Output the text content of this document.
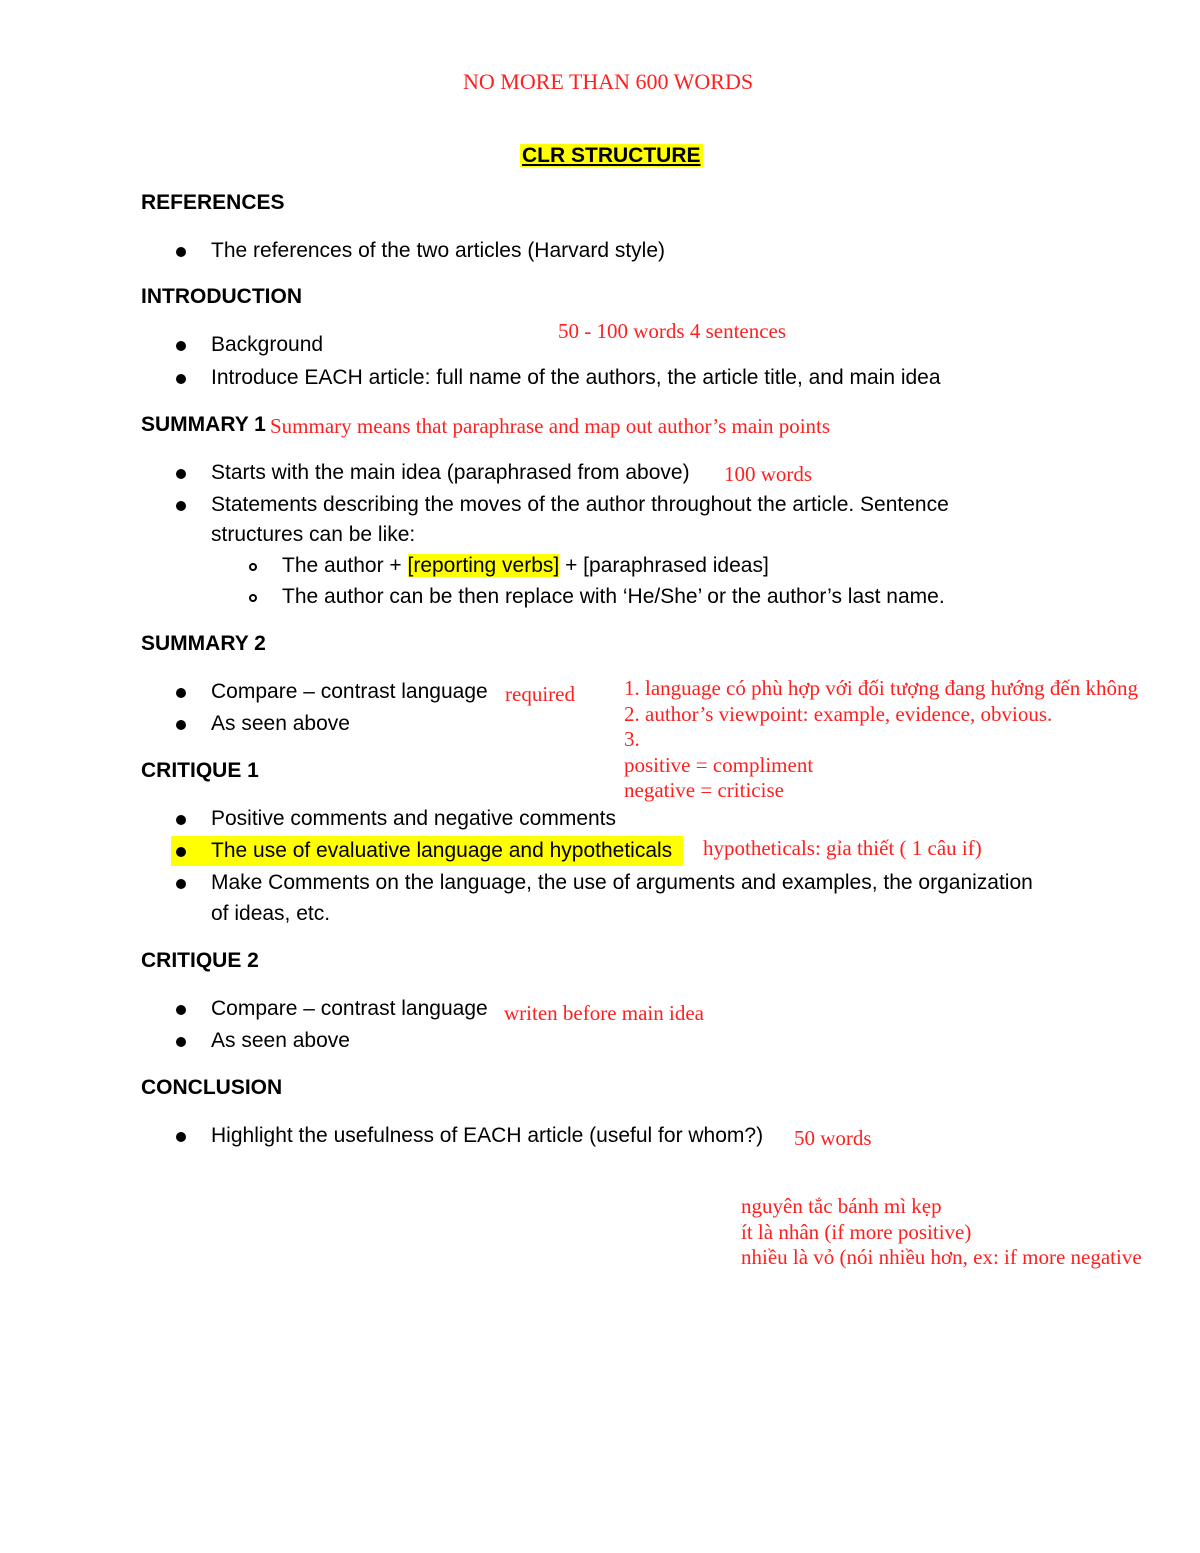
NO MORE THAN 600 WORDS
CLR STRUCTURE
REFERENCES
The references of the two articles (Harvard style)
INTRODUCTION
50 - 100 words 4 sentences
Background
Introduce EACH article: full name of the authors, the article title, and main idea
SUMMARY 1 Summary means that paraphrase and map out author’s main points
Starts with the main idea (paraphrased from above) 100 words
Statements describing the moves of the author throughout the article. Sentence
structures can be like:
The author + [reporting verbs] + [paraphrased ideas]
The author can be then replace with ‘He/She’ or the author’s last name.
SUMMARY 2
Compare – contrast language required
As seen above
1. language có phù hợp với đối tượng đang hướng đến không
2. author’s viewpoint: example, evidence, obvious.
3.
positive = compliment
negative = criticise
CRITIQUE 1
Positive comments and negative comments
The use of evaluative language and hypotheticals hypotheticals: gỉa thiết ( 1 câu if)
Make Comments on the language, the use of arguments and examples, the organization
of ideas, etc.
CRITIQUE 2
Compare – contrast language writen before main idea
As seen above
CONCLUSION
Highlight the usefulness of EACH article (useful for whom?) 50 words
nguyên tắc bánh mì kẹp
ít là nhân (if more positive)
nhiều là vỏ (nói nhiều hơn, ex: if more negative
